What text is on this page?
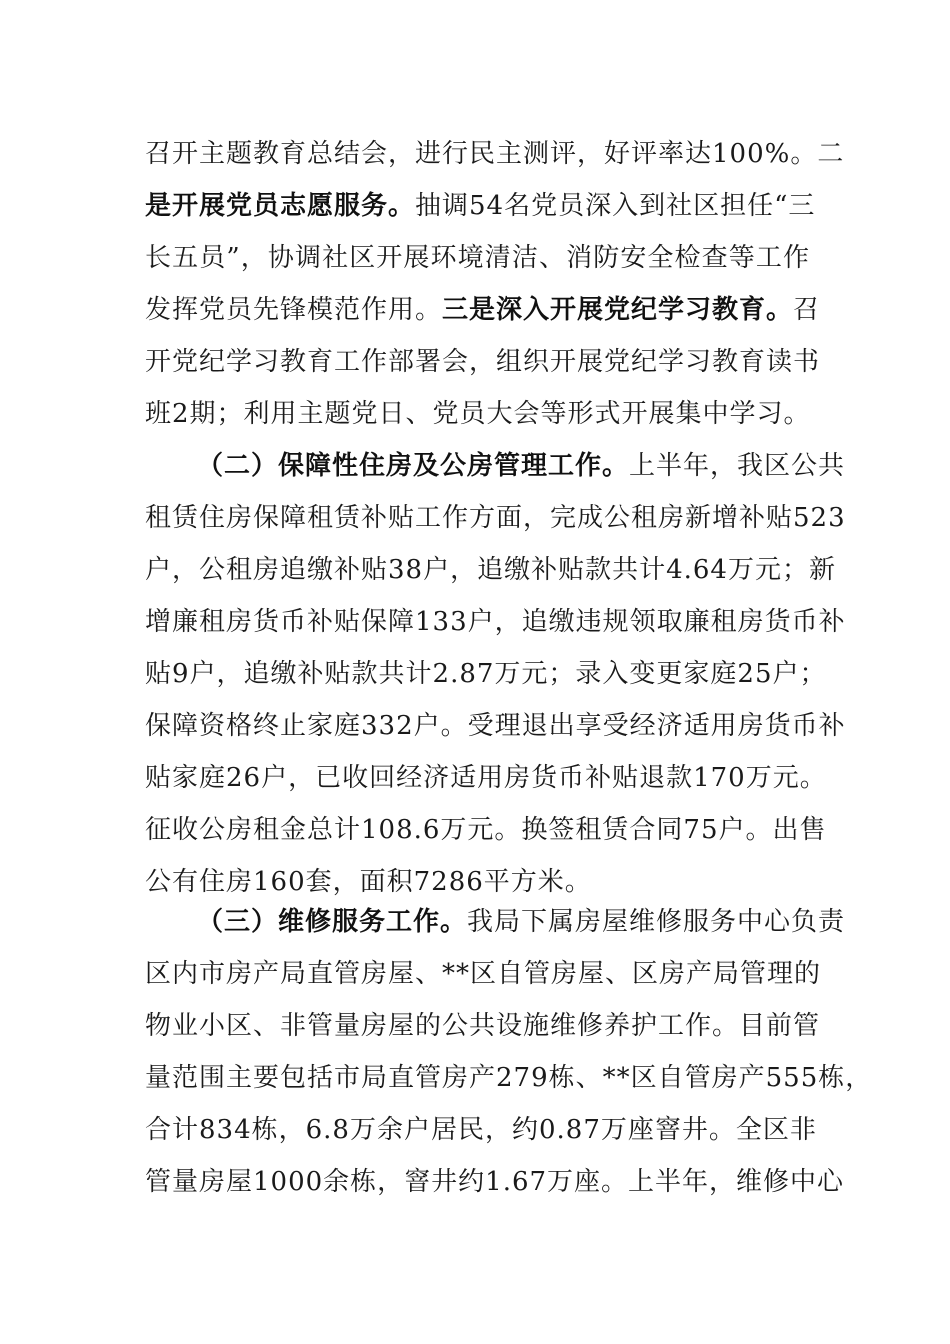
召开主题教育总结会，进行民主测评，好评率达100%。二
是开展党员志愿服务。抽调54名党员深入到社区担任“三
长五员”，协调社区开展环境清洁、消防安全检查等工作
发挥党员先锋模范作用。三是深入开展党纪学习教育。召
开党纪学习教育工作部署会，组织开展党纪学习教育读书
班2期；利用主题党日、党员大会等形式开展集中学习。
（二）保障性住房及公房管理工作。上半年，我区公共
租赁住房保障租赁补贴工作方面，完成公租房新增补贴523
户，公租房追缴补贴38户，追缴补贴款共计4.64万元；新
增廉租房货币补贴保障133户，追缴违规领取廉租房货币补
贴9户，追缴补贴款共计2.87万元；录入变更家庭25户；
保障资格终止家庭332户。受理退出享受经济适用房货币补
贴家庭26户，已收回经济适用房货币补贴退款170万元。
征收公房租金总计108.6万元。换签租赁合同75户。出售
公有住房160套，面积7286平方米。
（三）维修服务工作。我局下属房屋维修服务中心负责
区内市房产局直管房屋、**区自管房屋、区房产局管理的
物业小区、非管量房屋的公共设施维修养护工作。目前管
量范围主要包括市局直管房产279栋、**区自管房产555栋，
合计834栋，6.8万余户居民，约0.87万座窨井。全区非
管量房屋1000余栋，窨井约1.67万座。上半年，维修中心
